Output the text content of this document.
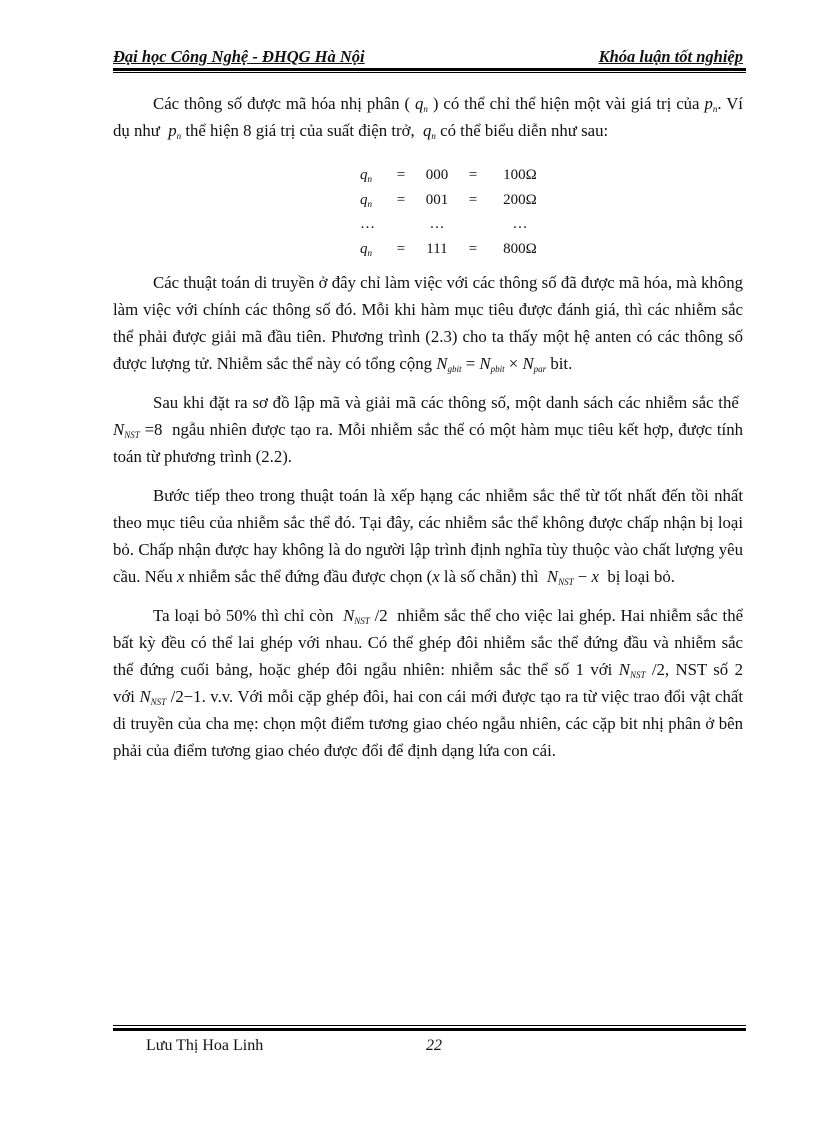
Đại học Công Nghệ - ĐHQG Hà Nội	Khóa luận tốt nghiệp

Các thông số được mã hóa nhị phân ( $q_n$ ) có thể chỉ thể hiện một vài giá trị của $p_n$. Ví dụ như $p_n$ thể hiện 8 giá trị của suất điện trở, $q_n$ có thể biểu diễn như sau:

Các thuật toán di truyền ở đây chỉ làm việc với các thông số đã được mã hóa, mà không làm việc với chính các thông số đó. Mỗi khi hàm mục tiêu được đánh giá, thì các nhiễm sắc thể phải được giải mã đầu tiên. Phương trình (2.3) cho ta thấy một hệ anten có các thông số được lượng tử. Nhiễm sắc thể này có tổng cộng $N_{gbit} = N_{pbit} \times N_{par}$ bit.

Sau khi đặt ra sơ đồ lập mã và giải mã các thông số, một danh sách các nhiễm sắc thể  $N_{NST} =8$ ngẫu nhiên được tạo ra. Mỗi nhiễm sắc thể có một hàm mục tiêu kết hợp, được tính toán từ phương trình (2.2).

Bước tiếp theo trong thuật toán là xếp hạng các nhiễm sắc thể từ tốt nhất đến tồi nhất theo mục tiêu của nhiễm sắc thể đó. Tại đây, các nhiễm sắc thể không được chấp nhận bị loại bỏ. Chấp nhận được hay không là do người lập trình định nghĩa tùy thuộc vào chất lượng yêu cầu. Nếu x nhiễm sắc thể đứng đầu được chọn (x là số chẵn) thì $N_{NST} - x$ bị loại bỏ.

Ta loại bỏ 50% thì chỉ còn $N_{NST}$ /2 nhiễm sắc thể cho việc lai ghép. Hai nhiễm sắc thể bất kỳ đều có thể lai ghép với nhau. Có thể ghép đôi nhiễm sắc thể đứng đầu và nhiễm sắc thể đứng cuối bảng, hoặc ghép đôi ngẫu nhiên: nhiễm sắc thể số 1 với $N_{NST}$ /2, NST số 2 với $N_{NST}$ /2−1. v.v. Với mỗi cặp ghép đôi, hai con cái mới được tạo ra từ việc trao đổi vật chất di truyền của cha mẹ: chọn một điểm tương giao chéo ngẫu nhiên, các cặp bit nhị phân ở bên phải của điểm tương giao chéo được đổi để định dạng lứa con cái.

$q_n = 000 = 100\Omega$
$q_n = 001 = 200\Omega$
…	…	…
$q_n = 111 = 800\Omega$
Lưu Thị Hoa Linh	22
